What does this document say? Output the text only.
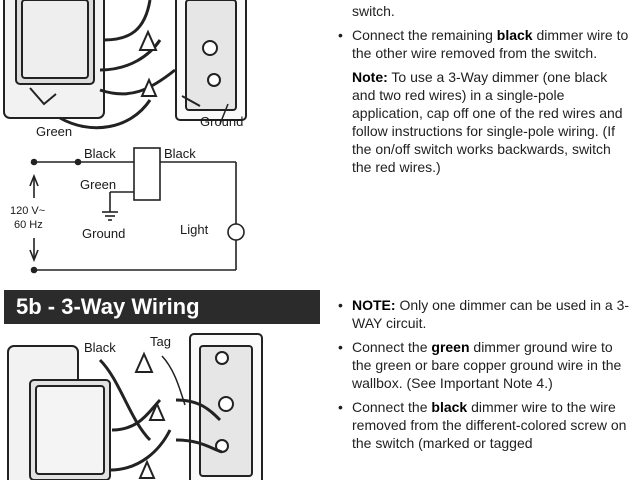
Green
Ground
Black	Black
Green
120 V~
60 Hz
Ground	Light
Black	Tag
5b - 3-Way Wiring
switch.
• Connect the remaining black dimmer wire to the other wire removed from the switch.
Note: To use a 3-Way dimmer (one black and two red wires) in a single-pole application, cap off one of the red wires and follow instructions for single-pole wiring. (If the on/off switch works backwards, switch the red wires.)
• NOTE: Only one dimmer can be used in a 3-WAY circuit.
• Connect the green dimmer ground wire to the green or bare copper ground wire in the wallbox. (See Important Note 4.)
• Connect the black dimmer wire to the wire removed from the different-colored screw on the switch (marked or tagged
